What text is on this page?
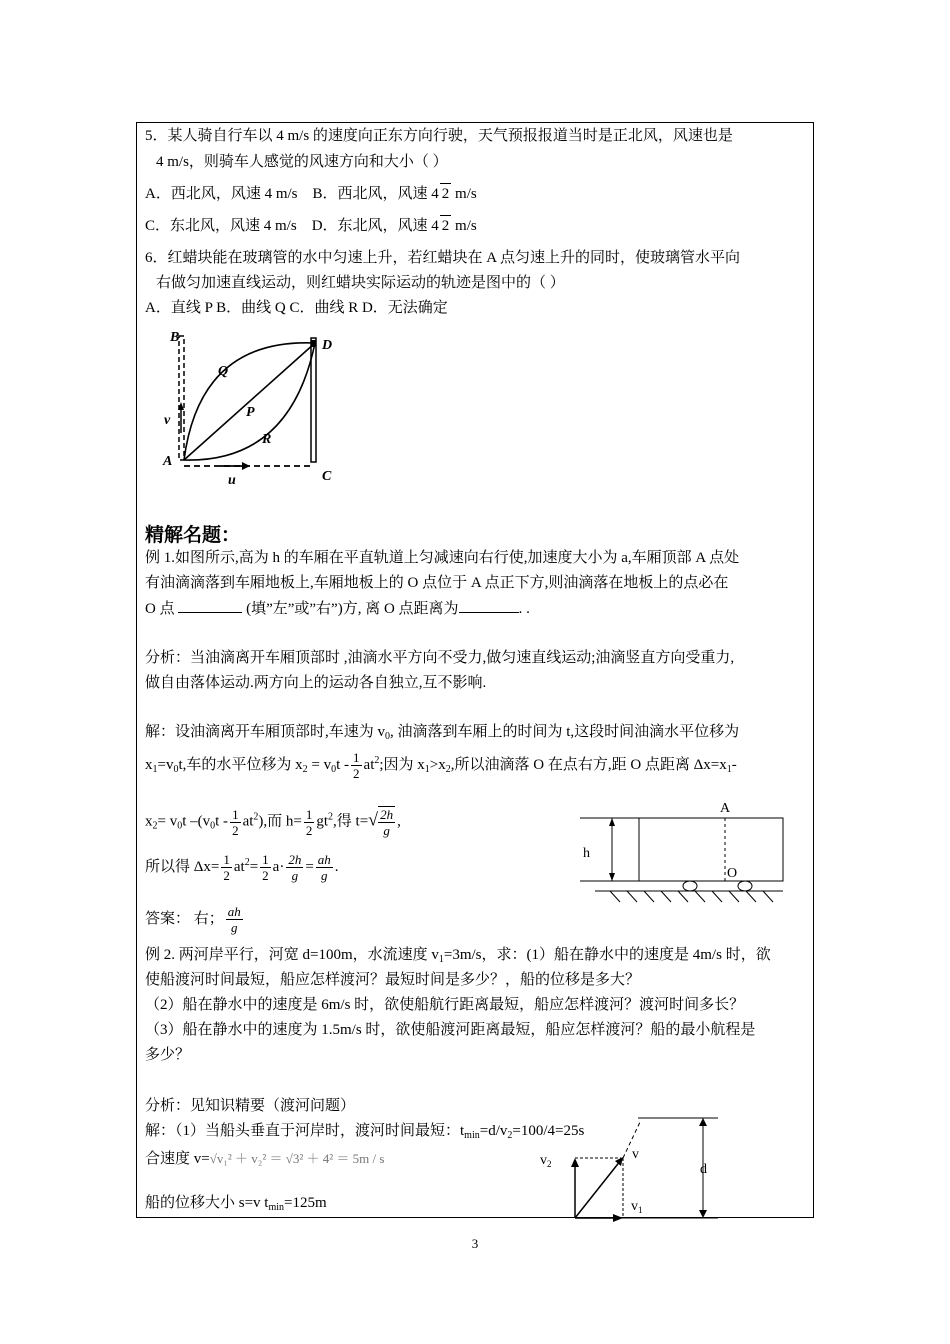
5．某人骑自行车以 4 m/s 的速度向正东方向行驶，天气预报报道当时是正北风，风速也是
4 m/s，则骑车人感觉的风速方向和大小（ ）
A．西北风，风速 4 m/s B．西北风，风速 4 2 m/s
C．东北风，风速 4 m/s D．东北风，风速 4 2 m/s
6．红蜡块能在玻璃管的水中匀速上升，若红蜡块在 A 点匀速上升的同时，使玻璃管水平向
右做匀加速直线运动，则红蜡块实际运动的轨迹是图中的（ ）
A．直线 P B．曲线 Q C．曲线 R D．无法确定
B
D
Q
P
R
v
A
C
u
精解名题：
例 1.如图所示,高为 h 的车厢在平直轨道上匀减速向右行使,加速度大小为 a,车厢顶部 A 点处
有油滴滴落到车厢地板上,车厢地板上的 O 点位于 A 点正下方,则油滴落在地板上的点必在
O 点	(填”左”或”右”)方, 离 O 点距离为	. .
分析：当油滴离开车厢顶部时 ,油滴水平方向不受力,做匀速直线运动;油滴竖直方向受重力,
做自由落体运动.两方向上的运动各自独立,互不影响.
解：设油滴离开车厢顶部时,车速为 $v_0$, 油滴落到车厢上的时间为 t,这段时间油滴水平位移为
$x_1=v_0t$,车的水平位移为 $x_2 = v_0t - \frac{1}{2} at^2$;因为 $x_1>x_2$,所以油滴落 O 在点右方,距 O 点距离 $\Delta x=x_1-$
$x_2= v_0t$ $-(v_0t - \frac{1}{2} at^2)$,而 $h= \frac{1}{2} gt^2$,得 $t=√ \frac{2h}{g}$ ,
所以得 $\Delta x= \frac{1}{2} at^2= \frac{1}{2} a\cdot \frac{2h}{g} = \frac{ah}{g}$ .
答案： 右； $\frac{ah}{g}$
A
h
O
例 2. 两河岸平行，河宽 d=100m，水流速度 $v_1=3m/s$，求：(1）船在静水中的速度是 4m/s 时，欲
使船渡河时间最短，船应怎样渡河？最短时间是多少？，船的位移是多大？
（2）船在静水中的速度是 6m/s 时，欲使船航行距离最短，船应怎样渡河？渡河时间多长？
（3）船在静水中的速度为 1.5m/s 时，欲使船渡河距离最短，船应怎样渡河？船的最小航程是
多少？
分析：见知识精要（渡河问题）
解：（1）当船头垂直于河岸时，渡河时间最短：$t_{min}=d/v_2=100/4=25s$
合速度 v=√v₁² ＋ v₂² ＝ √3² ＋ 4² ＝ 5m / s
船的位移大小 s=v $t_{min}=125m$
$v_2$
v
d
$v_1$
3
